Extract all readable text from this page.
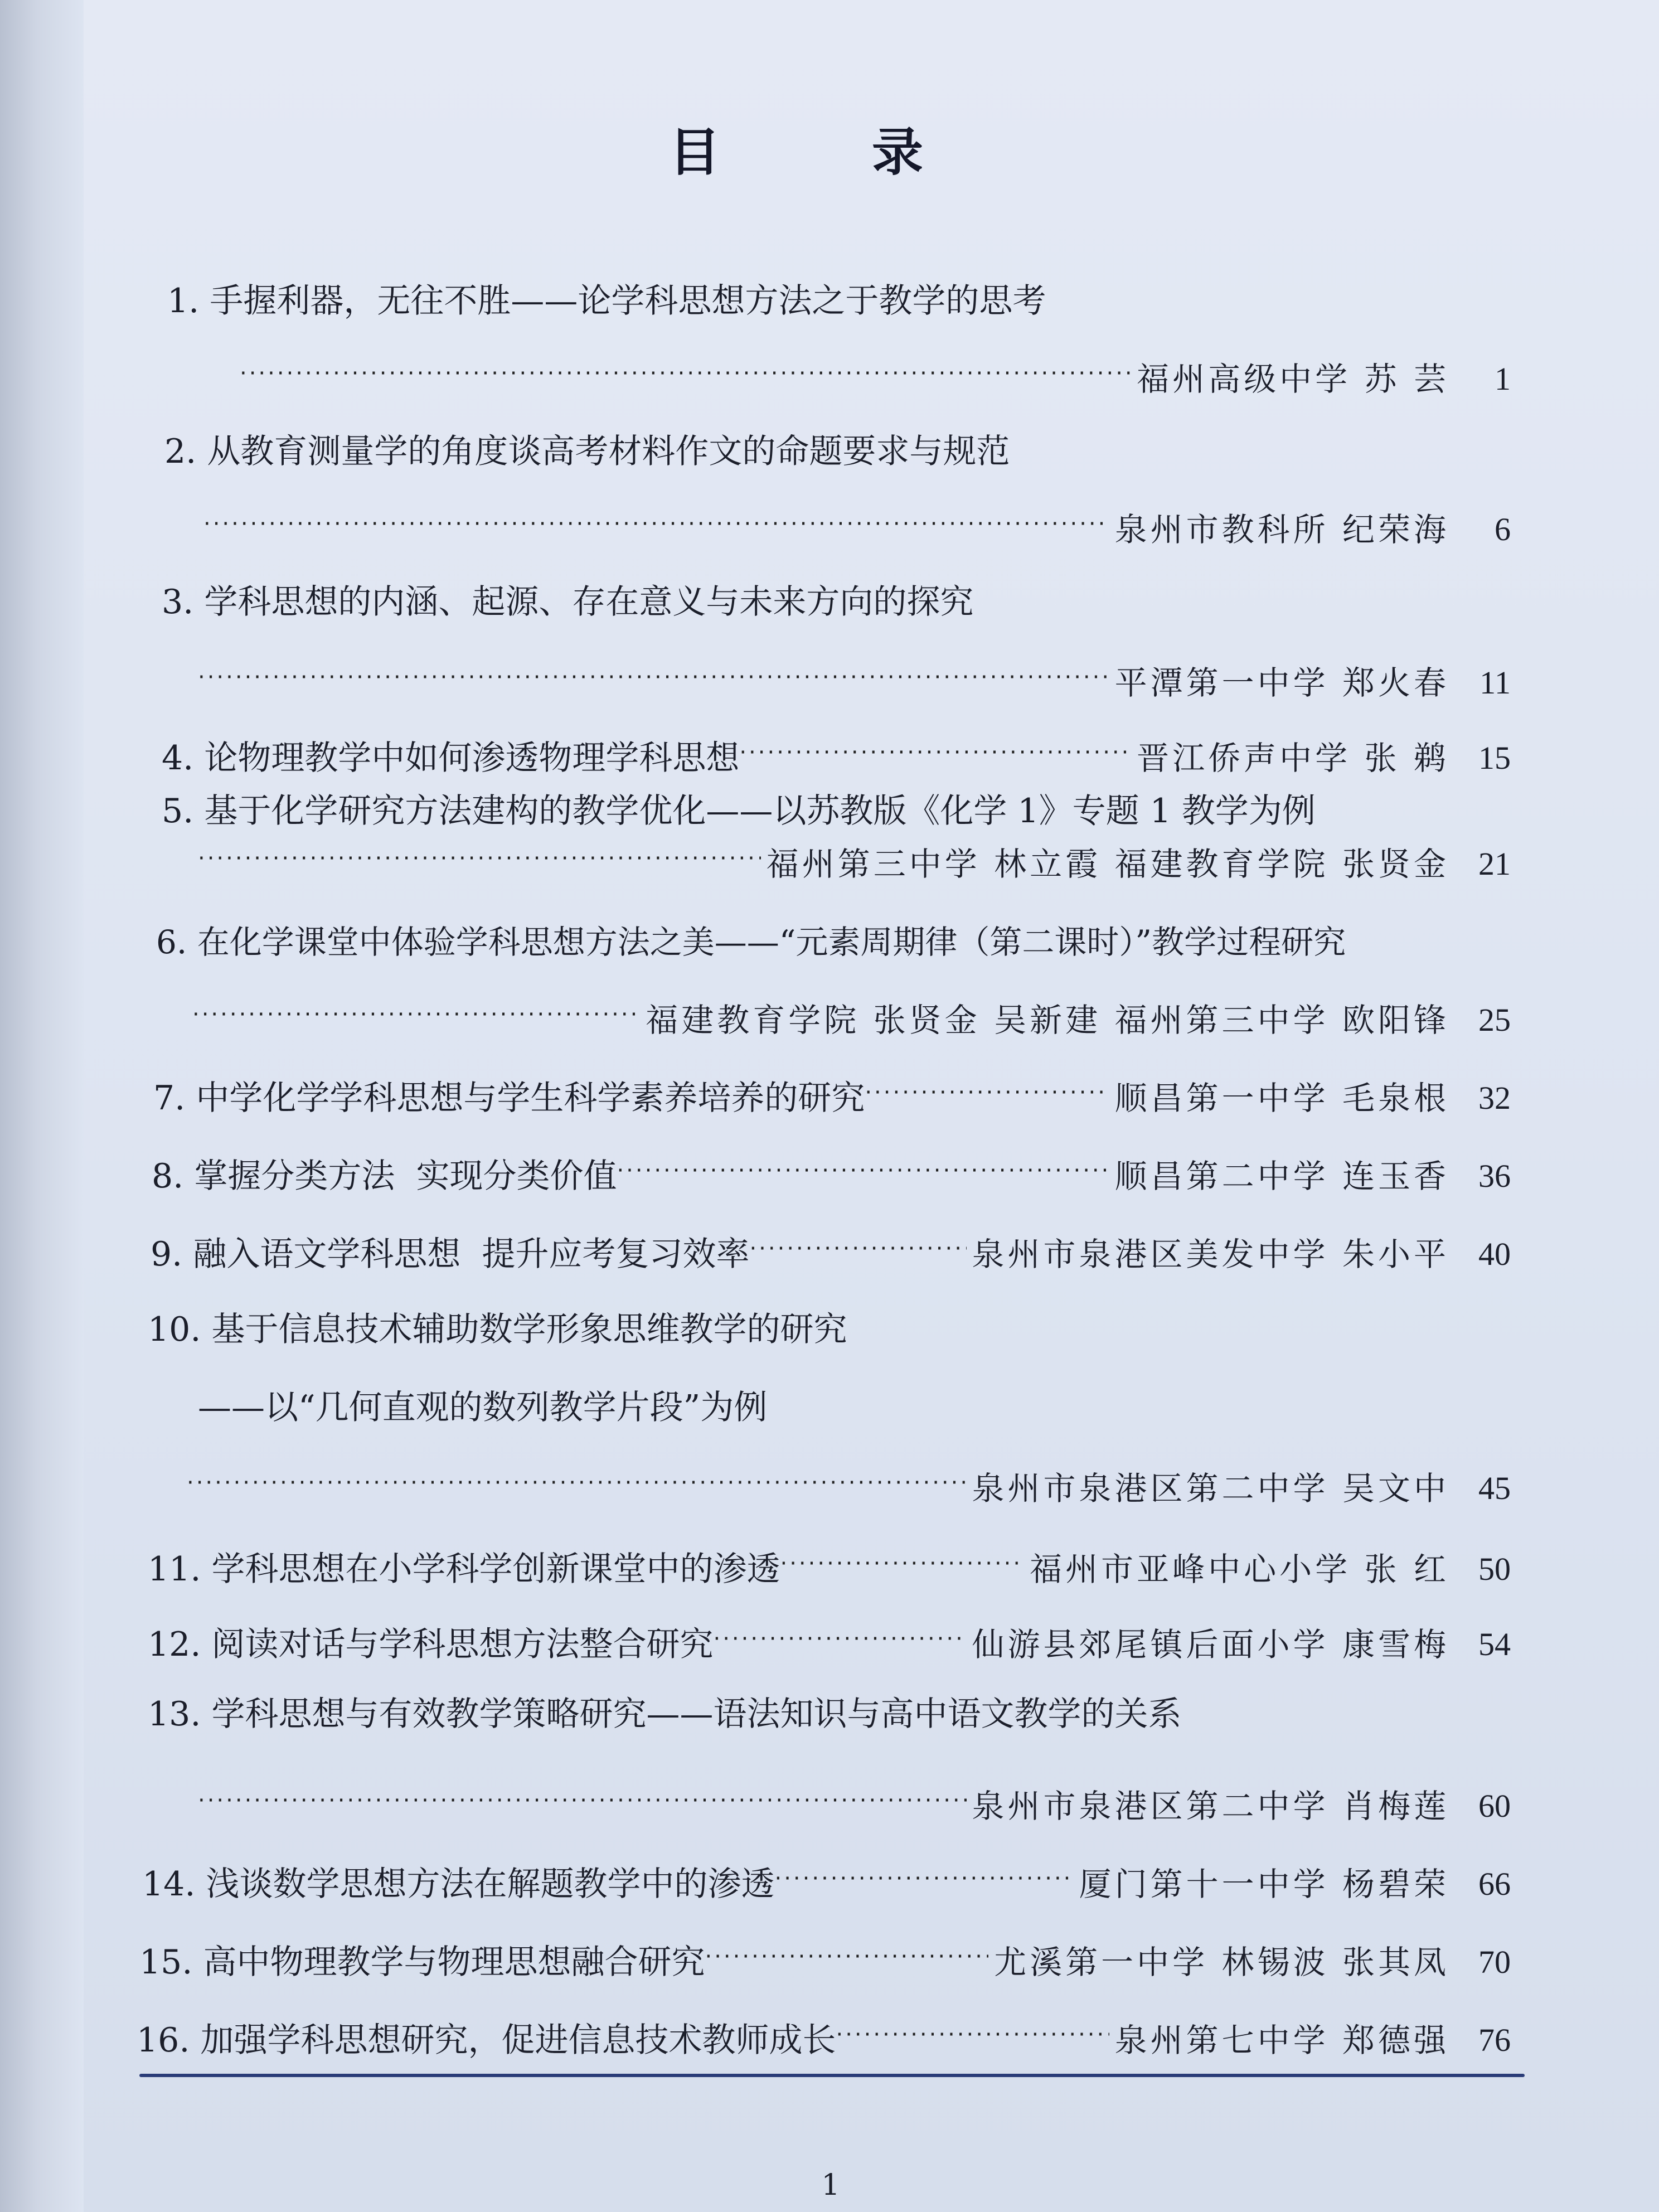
目 录
1. 手握利器，无往不胜——论学科思想方法之于教学的思考
·····
福州高级中学 苏 芸	1
2. 从教育测量学的角度谈高考材料作文的命题要求与规范
·····
泉州市教科所 纪荣海	6
3. 学科思想的内涵、起源、存在意义与未来方向的探究
·····
平潭第一中学 郑火春 11
4. 论物理教学中如何渗透物理学科思想 ·····	晋江侨声中学 张 鹈 15
5. 基于化学研究方法建构的教学优化——以苏教版《化学 1》专题 1 教学为例
·····
福州第三中学 林立霞 福建教育学院 张贤金 21
6. 在化学课堂中体验学科思想方法之美——“元素周期律（第二课时）”教学过程研究
·····
福建教育学院 张贤金 吴新建 福州第三中学 欧阳锋 25
7. 中学化学学科思想与学生科学素养培养的研究 ·····	顺昌第一中学 毛泉根 32
8. 掌握分类方法  实现分类价值 ·····	顺昌第二中学 连玉香 36
9. 融入语文学科思想  提升应考复习效率 ·····	泉州市泉港区美发中学 朱小平 40
10. 基于信息技术辅助数学形象思维教学的研究
——以“几何直观的数列教学片段”为例
·····
泉州市泉港区第二中学 吴文中 45
11. 学科思想在小学科学创新课堂中的渗透 ·····	福州市亚峰中心小学 张 红 50
12. 阅读对话与学科思想方法整合研究 ·····	仙游县郊尾镇后面小学 康雪梅 54
13. 学科思想与有效教学策略研究——语法知识与高中语文教学的关系
·····
泉州市泉港区第二中学 肖梅莲 60
14. 浅谈数学思想方法在解题教学中的渗透 ·····	厦门第十一中学 杨碧荣 66
15. 高中物理教学与物理思想融合研究 ·····	尤溪第一中学 林锡波 张其凤 70
16. 加强学科思想研究，促进信息技术教师成长 ·····	泉州第七中学 郑德强 76
1
